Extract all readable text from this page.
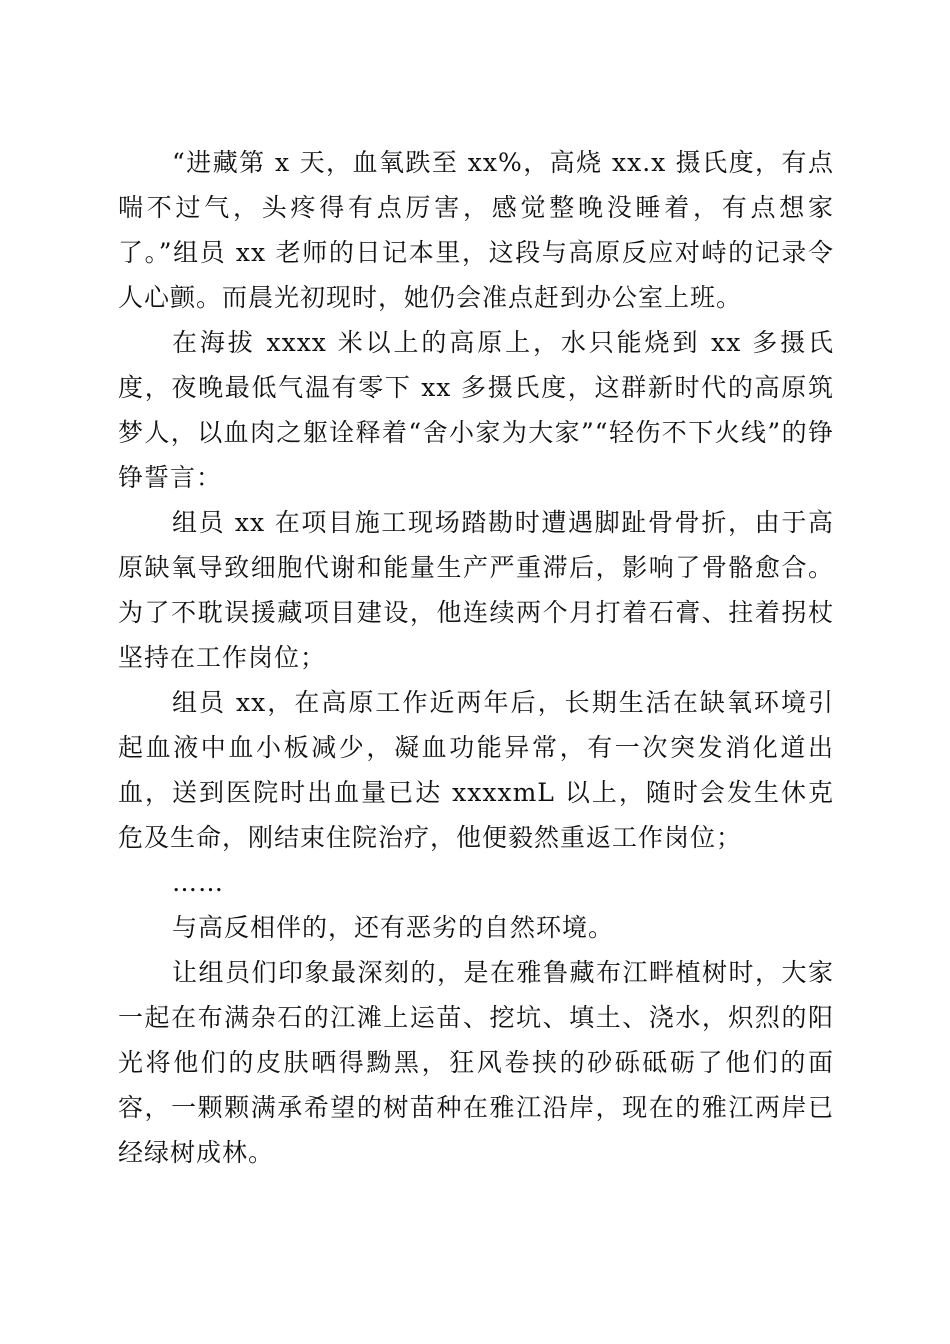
“进藏第 x 天，血氧跌至 xx%，高烧 xx.x 摄氏度，有点喘不过气，头疼得有点厉害，感觉整晚没睡着，有点想家了。”组员 xx 老师的日记本里，这段与高原反应对峙的记录令人心颤。而晨光初现时，她仍会准点赶到办公室上班。

在海拔 xxxx 米以上的高原上，水只能烧到 xx 多摄氏度，夜晚最低气温有零下 xx 多摄氏度，这群新时代的高原筑梦人，以血肉之躯诠释着“舍小家为大家”“轻伤不下火线”的铮铮誓言：

组员 xx 在项目施工现场踏勘时遭遇脚趾骨骨折，由于高原缺氧导致细胞代谢和能量生产严重滞后，影响了骨骼愈合。为了不耽误援藏项目建设，他连续两个月打着石膏、拄着拐杖坚持在工作岗位；

组员 xx，在高原工作近两年后，长期生活在缺氧环境引起血液中血小板减少，凝血功能异常，有一次突发消化道出血，送到医院时出血量已达 xxxxmL 以上，随时会发生休克危及生命，刚结束住院治疗，他便毅然重返工作岗位；

……

与高反相伴的，还有恶劣的自然环境。

让组员们印象最深刻的，是在雅鲁藏布江畔植树时，大家一起在布满杂石的江滩上运苗、挖坑、填土、浇水，炽烈的阳光将他们的皮肤晒得黝黑，狂风卷挟的砂砾砥砺了他们的面容，一颗颗满承希望的树苗种在雅江沿岸，现在的雅江两岸已经绿树成林。
